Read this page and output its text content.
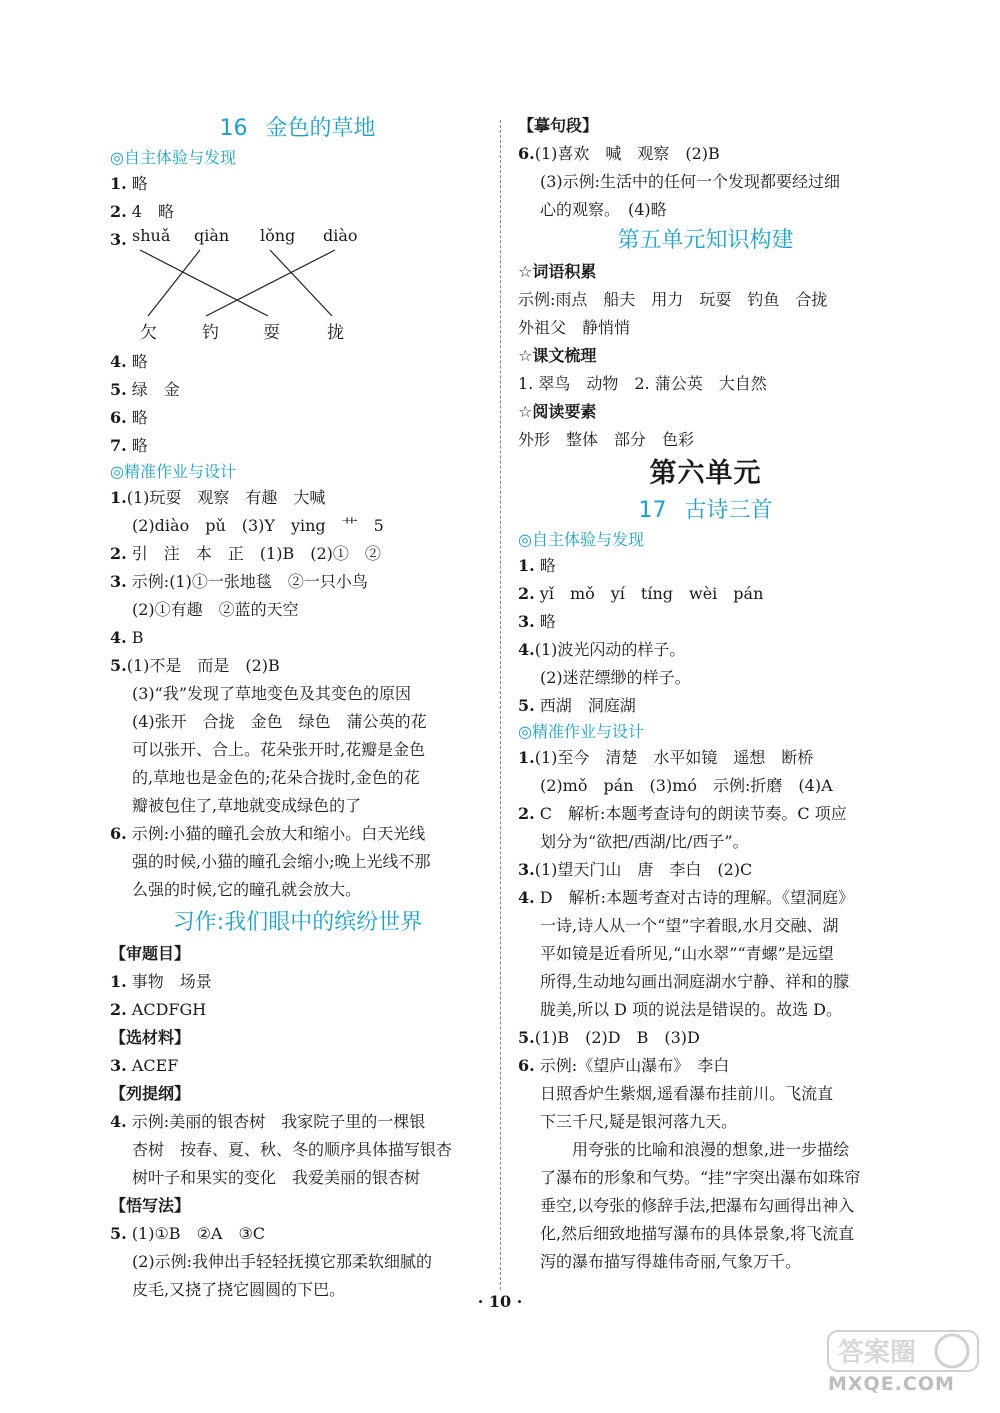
16 金色的草地
◎自主体验与发现
1. 略
2. 4　略
3. shuǎ qiàn lǒng diào
欠	钓	耍	拢
4. 略
5. 绿　金
6. 略
7. 略
◎精准作业与设计
1.(1)玩耍　观察　有趣　大喊
(2)diào　pǔ　(3)Y　ying　艹　5
2. 引　注　本　正　(1)B　(2)①　②
3. 示例:(1)①一张地毯　②一只小鸟
(2)①有趣　②蓝的天空
4. B
5.(1)不是　而是　(2)B
(3)“我”发现了草地变色及其变色的原因
(4)张开　合拢　金色　绿色　蒲公英的花
可以张开、合上。花朵张开时,花瓣是金色
的,草地也是金色的;花朵合拢时,金色的花
瓣被包住了,草地就变成绿色的了
6. 示例:小猫的瞳孔会放大和缩小。白天光线
强的时候,小猫的瞳孔会缩小;晚上光线不那
么强的时候,它的瞳孔就会放大。
习作:我们眼中的缤纷世界
【审题目】
1. 事物　场景
2. ACDFGH
【选材料】
3. ACEF
【列提纲】
4. 示例:美丽的银杏树　我家院子里的一棵银
杏树　按春、夏、秋、冬的顺序具体描写银杏
树叶子和果实的变化　我爱美丽的银杏树
【悟写法】
5. (1)①B　②A　③C
(2)示例:我伸出手轻轻抚摸它那柔软细腻的
皮毛,又挠了挠它圆圆的下巴。
【摹句段】
6.(1)喜欢　喊　观察　(2)B
(3)示例:生活中的任何一个发现都要经过细
心的观察。　(4)略
第五单元知识构建
☆词语积累
示例:雨点　船夫　用力　玩耍　钓鱼　合拢
外祖父　静悄悄
☆课文梳理
1. 翠鸟　动物　2. 蒲公英　大自然
☆阅读要素
外形　整体　部分　色彩
第六单元
17 古诗三首
◎自主体验与发现
1. 略
2. yǐ　mǒ　yí　tíng　wèi　pán
3. 略
4.(1)波光闪动的样子。
(2)迷茫缥缈的样子。
5. 西湖　洞庭湖
◎精准作业与设计
1.(1)至今　清楚　水平如镜　遥想　断桥
(2)mǒ　pán　(3)mó　示例:折磨　(4)A
2. C　解析:本题考查诗句的朗读节奏。C 项应
划分为“欲把/西湖/比/西子”。
3.(1)望天门山　唐　李白　(2)C
4. D　解析:本题考查对古诗的理解。《望洞庭》
一诗,诗人从一个“望”字着眼,水月交融、湖
平如镜是近看所见,“山水翠”“青螺”是远望
所得,生动地勾画出洞庭湖水宁静、祥和的朦
胧美,所以 D 项的说法是错误的。故选 D。
5.(1)B　(2)D　B　(3)D
6. 示例:《望庐山瀑布》　李白
日照香炉生紫烟,遥看瀑布挂前川。飞流直
下三千尺,疑是银河落九天。
　　用夸张的比喻和浪漫的想象,进一步描绘
了瀑布的形象和气势。“挂”字突出瀑布如珠帘
垂空,以夸张的修辞手法,把瀑布勾画得出神入
化,然后细致地描写瀑布的具体景象,将飞流直
泻的瀑布描写得雄伟奇丽,气象万千。
· 10 ·
答案圈
MXQE.COM
